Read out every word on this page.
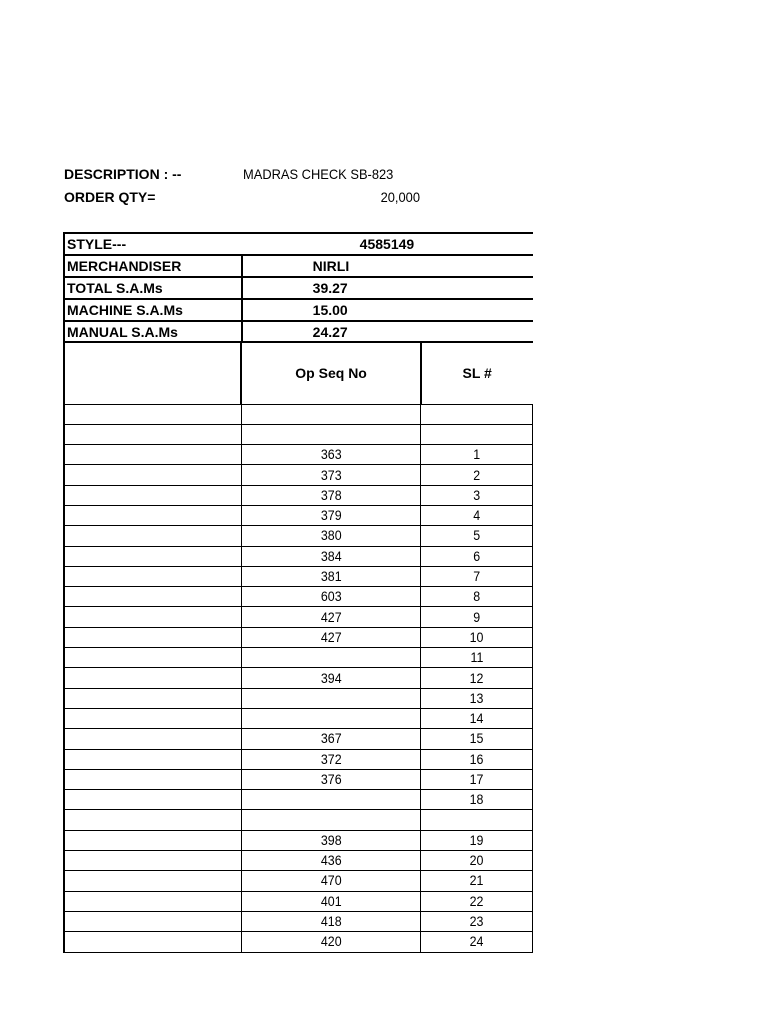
DESCRIPTION : --	MADRAS CHECK SB-823
ORDER QTY=	20,000
STYLE---	4585149
MERCHANDISER	NIRLI
TOTAL S.A.Ms	39.27
MACHINE S.A.Ms	15.00
MANUAL S.A.Ms	24.27
	Op Seq No	SL #

	363	1
	373	2
	378	3
	379	4
	380	5
	384	6
	381	7
	603	8
	427	9
	427	10
		11
	394	12
		13
		14
	367	15
	372	16
	376	17
		18

	398	19
	436	20
	470	21
	401	22
	418	23
	420	24
